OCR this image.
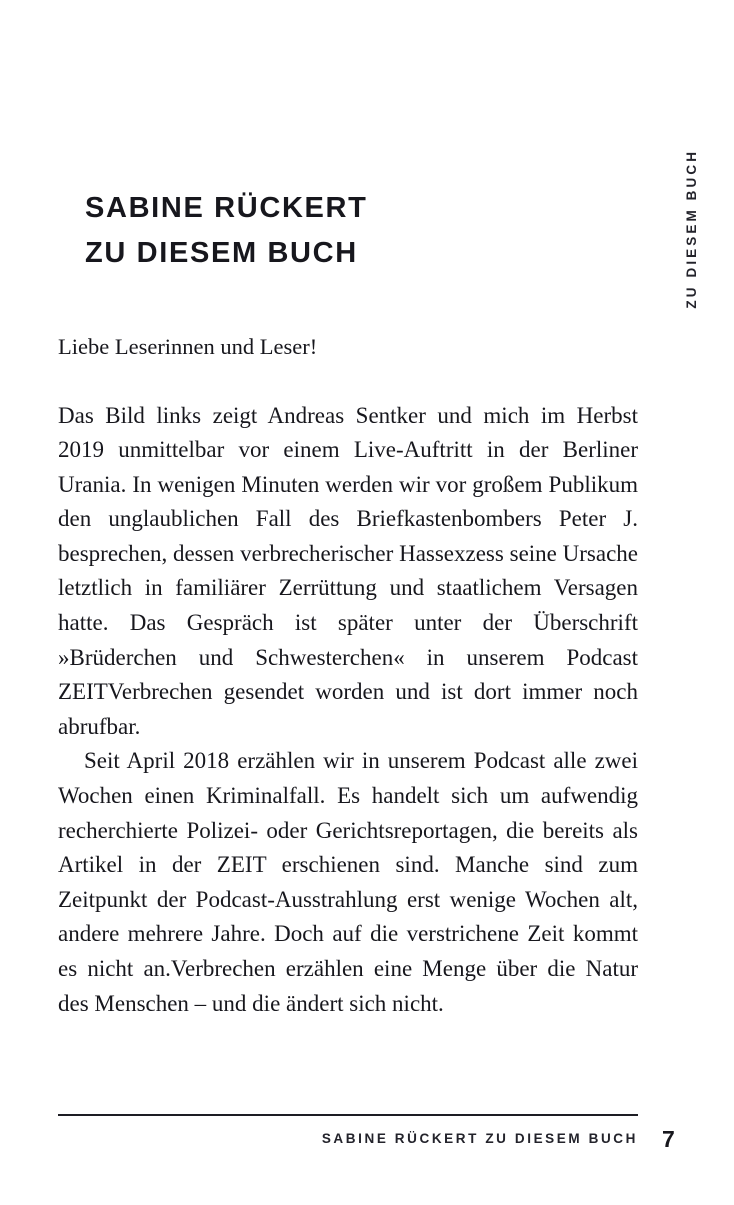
ZU DIESEM BUCH
SABINE RÜCKERT
ZU DIESEM BUCH

Liebe Leserinnen und Leser!

Das Bild links zeigt Andreas Sentker und mich im Herbst 2019 unmittelbar vor einem Live-Auftritt in der Berliner Urania. In wenigen Minuten werden wir vor großem Publikum den unglaublichen Fall des Briefkastenbombers Peter J. besprechen, dessen verbrecherischer Hassexzess seine Ursache letztlich in familiärer Zerrüttung und staatlichem Versagen hatte. Das Gespräch ist später unter der Überschrift »Brüderchen und Schwesterchen« in unserem Podcast ZEITVerbrechen gesendet worden und ist dort immer noch abrufbar.

Seit April 2018 erzählen wir in unserem Podcast alle zwei Wochen einen Kriminalfall. Es handelt sich um aufwendig recherchierte Polizei- oder Gerichtsreportagen, die bereits als Artikel in der ZEIT erschienen sind. Manche sind zum Zeitpunkt der Podcast-Ausstrahlung erst wenige Wochen alt, andere mehrere Jahre. Doch auf die verstrichene Zeit kommt es nicht an.Verbrechen erzählen eine Menge über die Natur des Menschen – und die ändert sich nicht.

SABINE RÜCKERT ZU DIESEM BUCH 7
